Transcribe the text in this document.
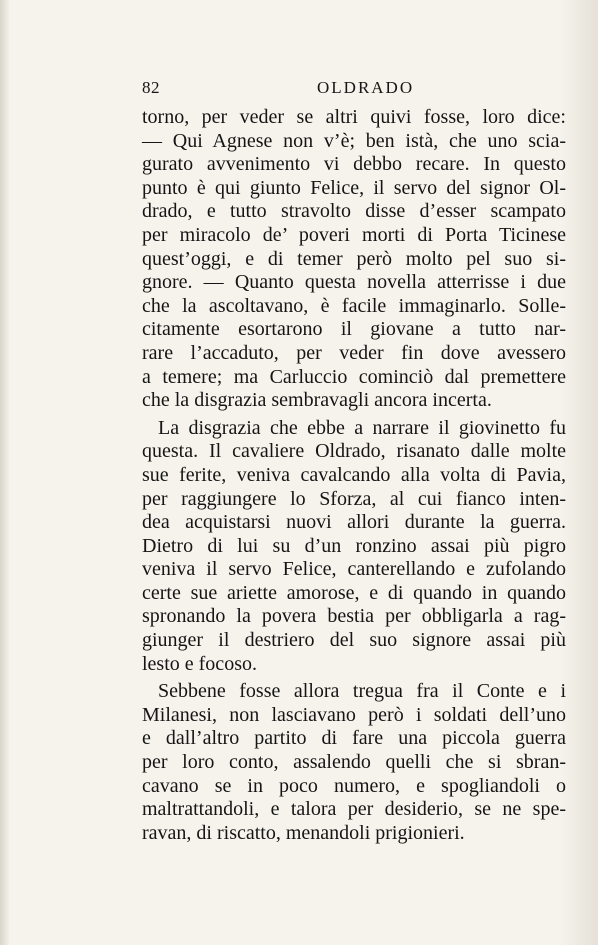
82	OLDRADO
torno, per veder se altri quivi fosse, loro dice:
— Qui Agnese non v’è; ben istà, che uno scia-
gurato avvenimento vi debbo recare. In questo
punto è qui giunto Felice, il servo del signor Ol-
drado, e tutto stravolto disse d’esser scampato
per miracolo de’ poveri morti di Porta Ticinese
quest’oggi, e di temer però molto pel suo si-
gnore. — Quanto questa novella atterrisse i due
che la ascoltavano, è facile immaginarlo. Solle-
citamente esortarono il giovane a tutto nar-
rare l’accaduto, per veder fin dove avessero
a temere; ma Carluccio cominciò dal premettere
che la disgrazia sembravagli ancora incerta.
La disgrazia che ebbe a narrare il giovinetto fu
questa. Il cavaliere Oldrado, risanato dalle molte
sue ferite, veniva cavalcando alla volta di Pavia,
per raggiungere lo Sforza, al cui fianco inten-
dea acquistarsi nuovi allori durante la guerra.
Dietro di lui su d’un ronzino assai più pigro
veniva il servo Felice, canterellando e zufolando
certe sue ariette amorose, e di quando in quando
spronando la povera bestia per obbligarla a rag-
giunger il destriero del suo signore assai più
lesto e focoso.
Sebbene fosse allora tregua fra il Conte e i
Milanesi, non lasciavano però i soldati dell’uno
e dall’altro partito di fare una piccola guerra
per loro conto, assalendo quelli che si sbran-
cavano se in poco numero, e spogliandoli o
maltrattandoli, e talora per desiderio, se ne spe-
ravan, di riscatto, menandoli prigionieri.
